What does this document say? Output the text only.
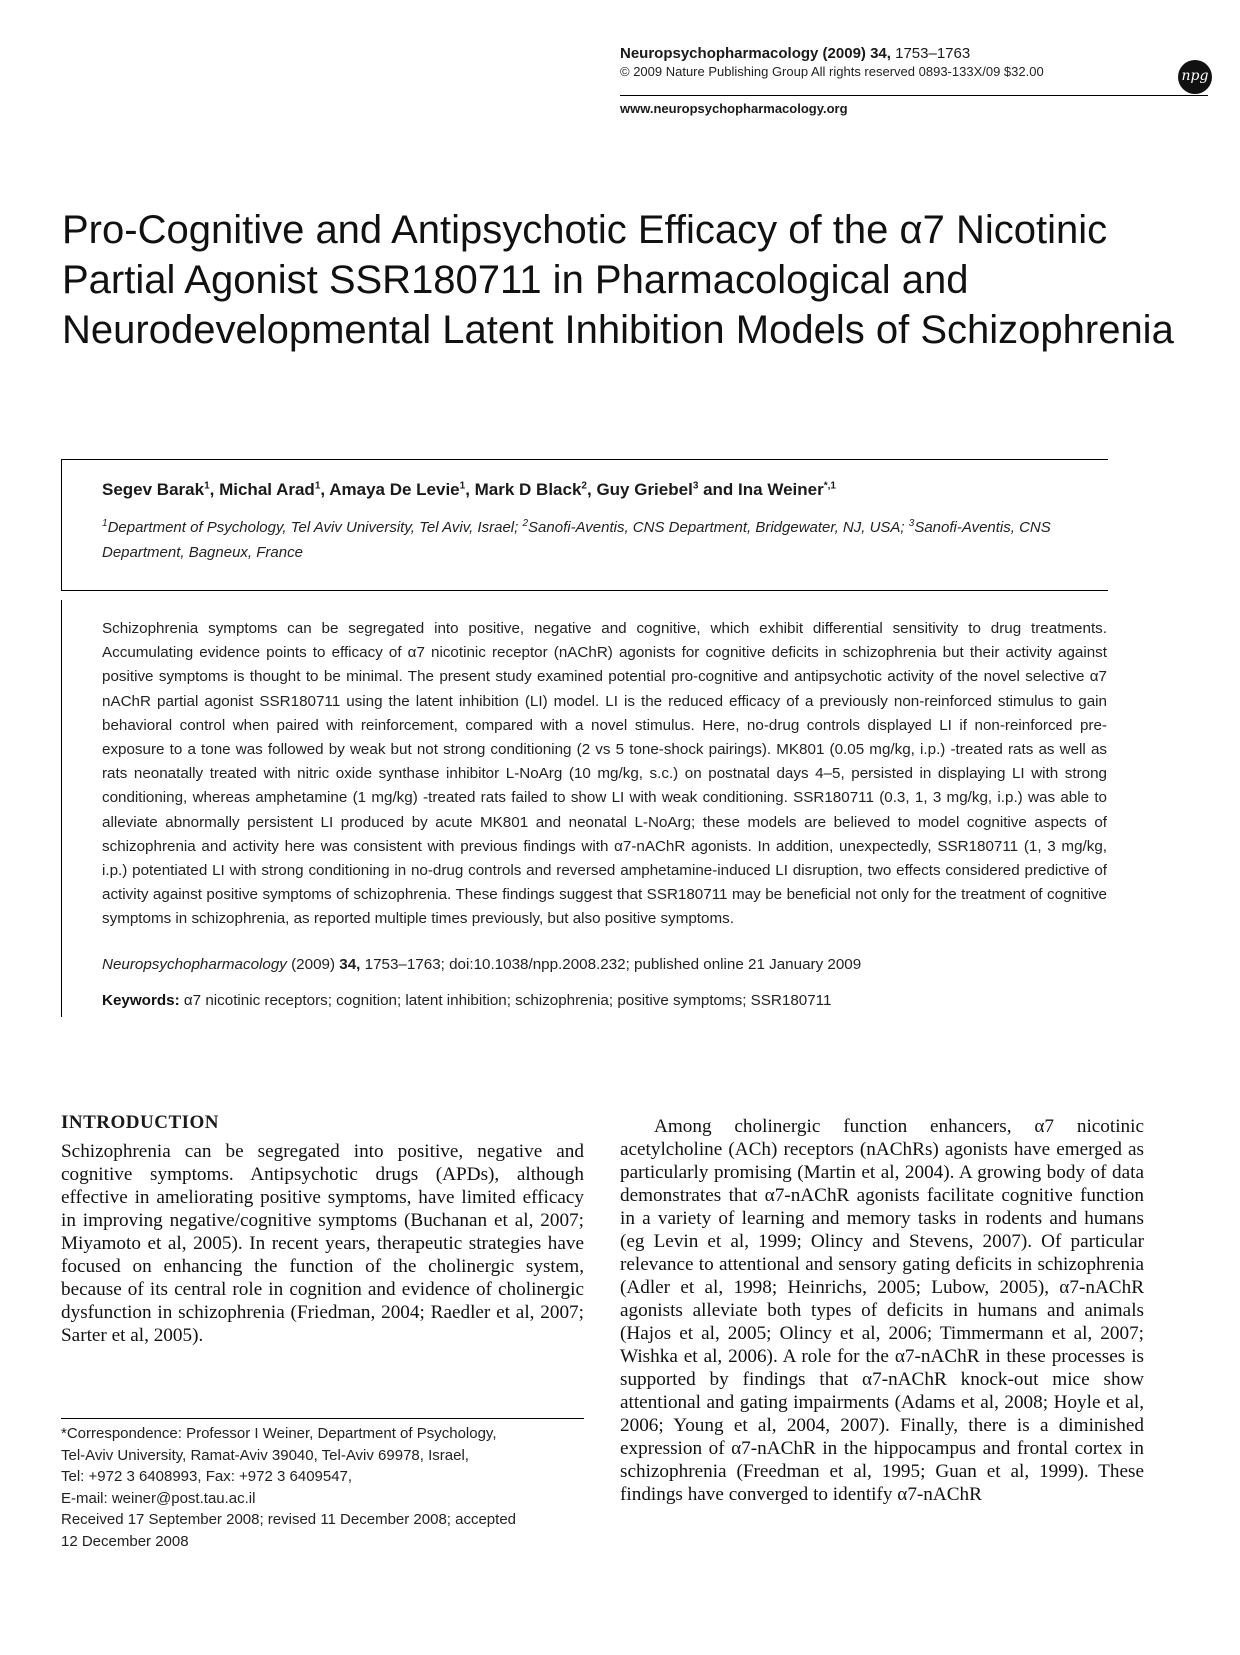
Neuropsychopharmacology (2009) 34, 1753–1763
© 2009 Nature Publishing Group All rights reserved 0893-133X/09 $32.00	npg
www.neuropsychopharmacology.org
Pro-Cognitive and Antipsychotic Efficacy of the α7 Nicotinic Partial Agonist SSR180711 in Pharmacological and Neurodevelopmental Latent Inhibition Models of Schizophrenia
Segev Barak$^1$, Michal Arad$^1$, Amaya De Levie$^1$, Mark D Black$^2$, Guy Griebel$^3$ and Ina Weiner$^{*,1}$
$^1$Department of Psychology, Tel Aviv University, Tel Aviv, Israel; $^2$Sanofi-Aventis, CNS Department, Bridgewater, NJ, USA; $^3$Sanofi-Aventis, CNS Department, Bagneux, France

Schizophrenia symptoms can be segregated into positive, negative and cognitive, which exhibit differential sensitivity to drug treatments. Accumulating evidence points to efficacy of α7 nicotinic receptor (nAChR) agonists for cognitive deficits in schizophrenia but their activity against positive symptoms is thought to be minimal. The present study examined potential pro-cognitive and antipsychotic activity of the novel selective α7 nAChR partial agonist SSR180711 using the latent inhibition (LI) model. LI is the reduced efficacy of a previously non-reinforced stimulus to gain behavioral control when paired with reinforcement, compared with a novel stimulus. Here, no-drug controls displayed LI if non-reinforced pre-exposure to a tone was followed by weak but not strong conditioning (2 vs 5 tone-shock pairings). MK801 (0.05 mg/kg, i.p.) -treated rats as well as rats neonatally treated with nitric oxide synthase inhibitor L-NoArg (10 mg/kg, s.c.) on postnatal days 4–5, persisted in displaying LI with strong conditioning, whereas amphetamine (1 mg/kg) -treated rats failed to show LI with weak conditioning. SSR180711 (0.3, 1, 3 mg/kg, i.p.) was able to alleviate abnormally persistent LI produced by acute MK801 and neonatal L-NoArg; these models are believed to model cognitive aspects of schizophrenia and activity here was consistent with previous findings with α7-nAChR agonists. In addition, unexpectedly, SSR180711 (1, 3 mg/kg, i.p.) potentiated LI with strong conditioning in no-drug controls and reversed amphetamine-induced LI disruption, two effects considered predictive of activity against positive symptoms of schizophrenia. These findings suggest that SSR180711 may be beneficial not only for the treatment of cognitive symptoms in schizophrenia, as reported multiple times previously, but also positive symptoms.

Neuropsychopharmacology (2009) 34, 1753–1763; doi:10.1038/npp.2008.232; published online 21 January 2009
Keywords: α7 nicotinic receptors; cognition; latent inhibition; schizophrenia; positive symptoms; SSR180711
INTRODUCTION
Schizophrenia can be segregated into positive, negative and cognitive symptoms. Antipsychotic drugs (APDs), although effective in ameliorating positive symptoms, have limited efficacy in improving negative/cognitive symptoms (Buchanan et al, 2007; Miyamoto et al, 2005). In recent years, therapeutic strategies have focused on enhancing the function of the cholinergic system, because of its central role in cognition and evidence of cholinergic dysfunction in schizophrenia (Friedman, 2004; Raedler et al, 2007; Sarter et al, 2005).

Among cholinergic function enhancers, α7 nicotinic acetylcholine (ACh) receptors (nAChRs) agonists have emerged as particularly promising (Martin et al, 2004). A growing body of data demonstrates that α7-nAChR agonists facilitate cognitive function in a variety of learning and memory tasks in rodents and humans (eg Levin et al, 1999; Olincy and Stevens, 2007). Of particular relevance to attentional and sensory gating deficits in schizophrenia (Adler et al, 1998; Heinrichs, 2005; Lubow, 2005), α7-nAChR agonists alleviate both types of deficits in humans and animals (Hajos et al, 2005; Olincy et al, 2006; Timmermann et al, 2007; Wishka et al, 2006). A role for the α7-nAChR in these processes is supported by findings that α7-nAChR knock-out mice show attentional and gating impairments (Adams et al, 2008; Hoyle et al, 2006; Young et al, 2004, 2007). Finally, there is a diminished expression of α7-nAChR in the hippocampus and frontal cortex in schizophrenia (Freedman et al, 1995; Guan et al, 1999). These findings have converged to identify α7-nAChR

*Correspondence: Professor I Weiner, Department of Psychology,
Tel-Aviv University, Ramat-Aviv 39040, Tel-Aviv 69978, Israel,
Tel: +972 3 6408993, Fax: +972 3 6409547,
E-mail: weiner@post.tau.ac.il
Received 17 September 2008; revised 11 December 2008; accepted
12 December 2008
